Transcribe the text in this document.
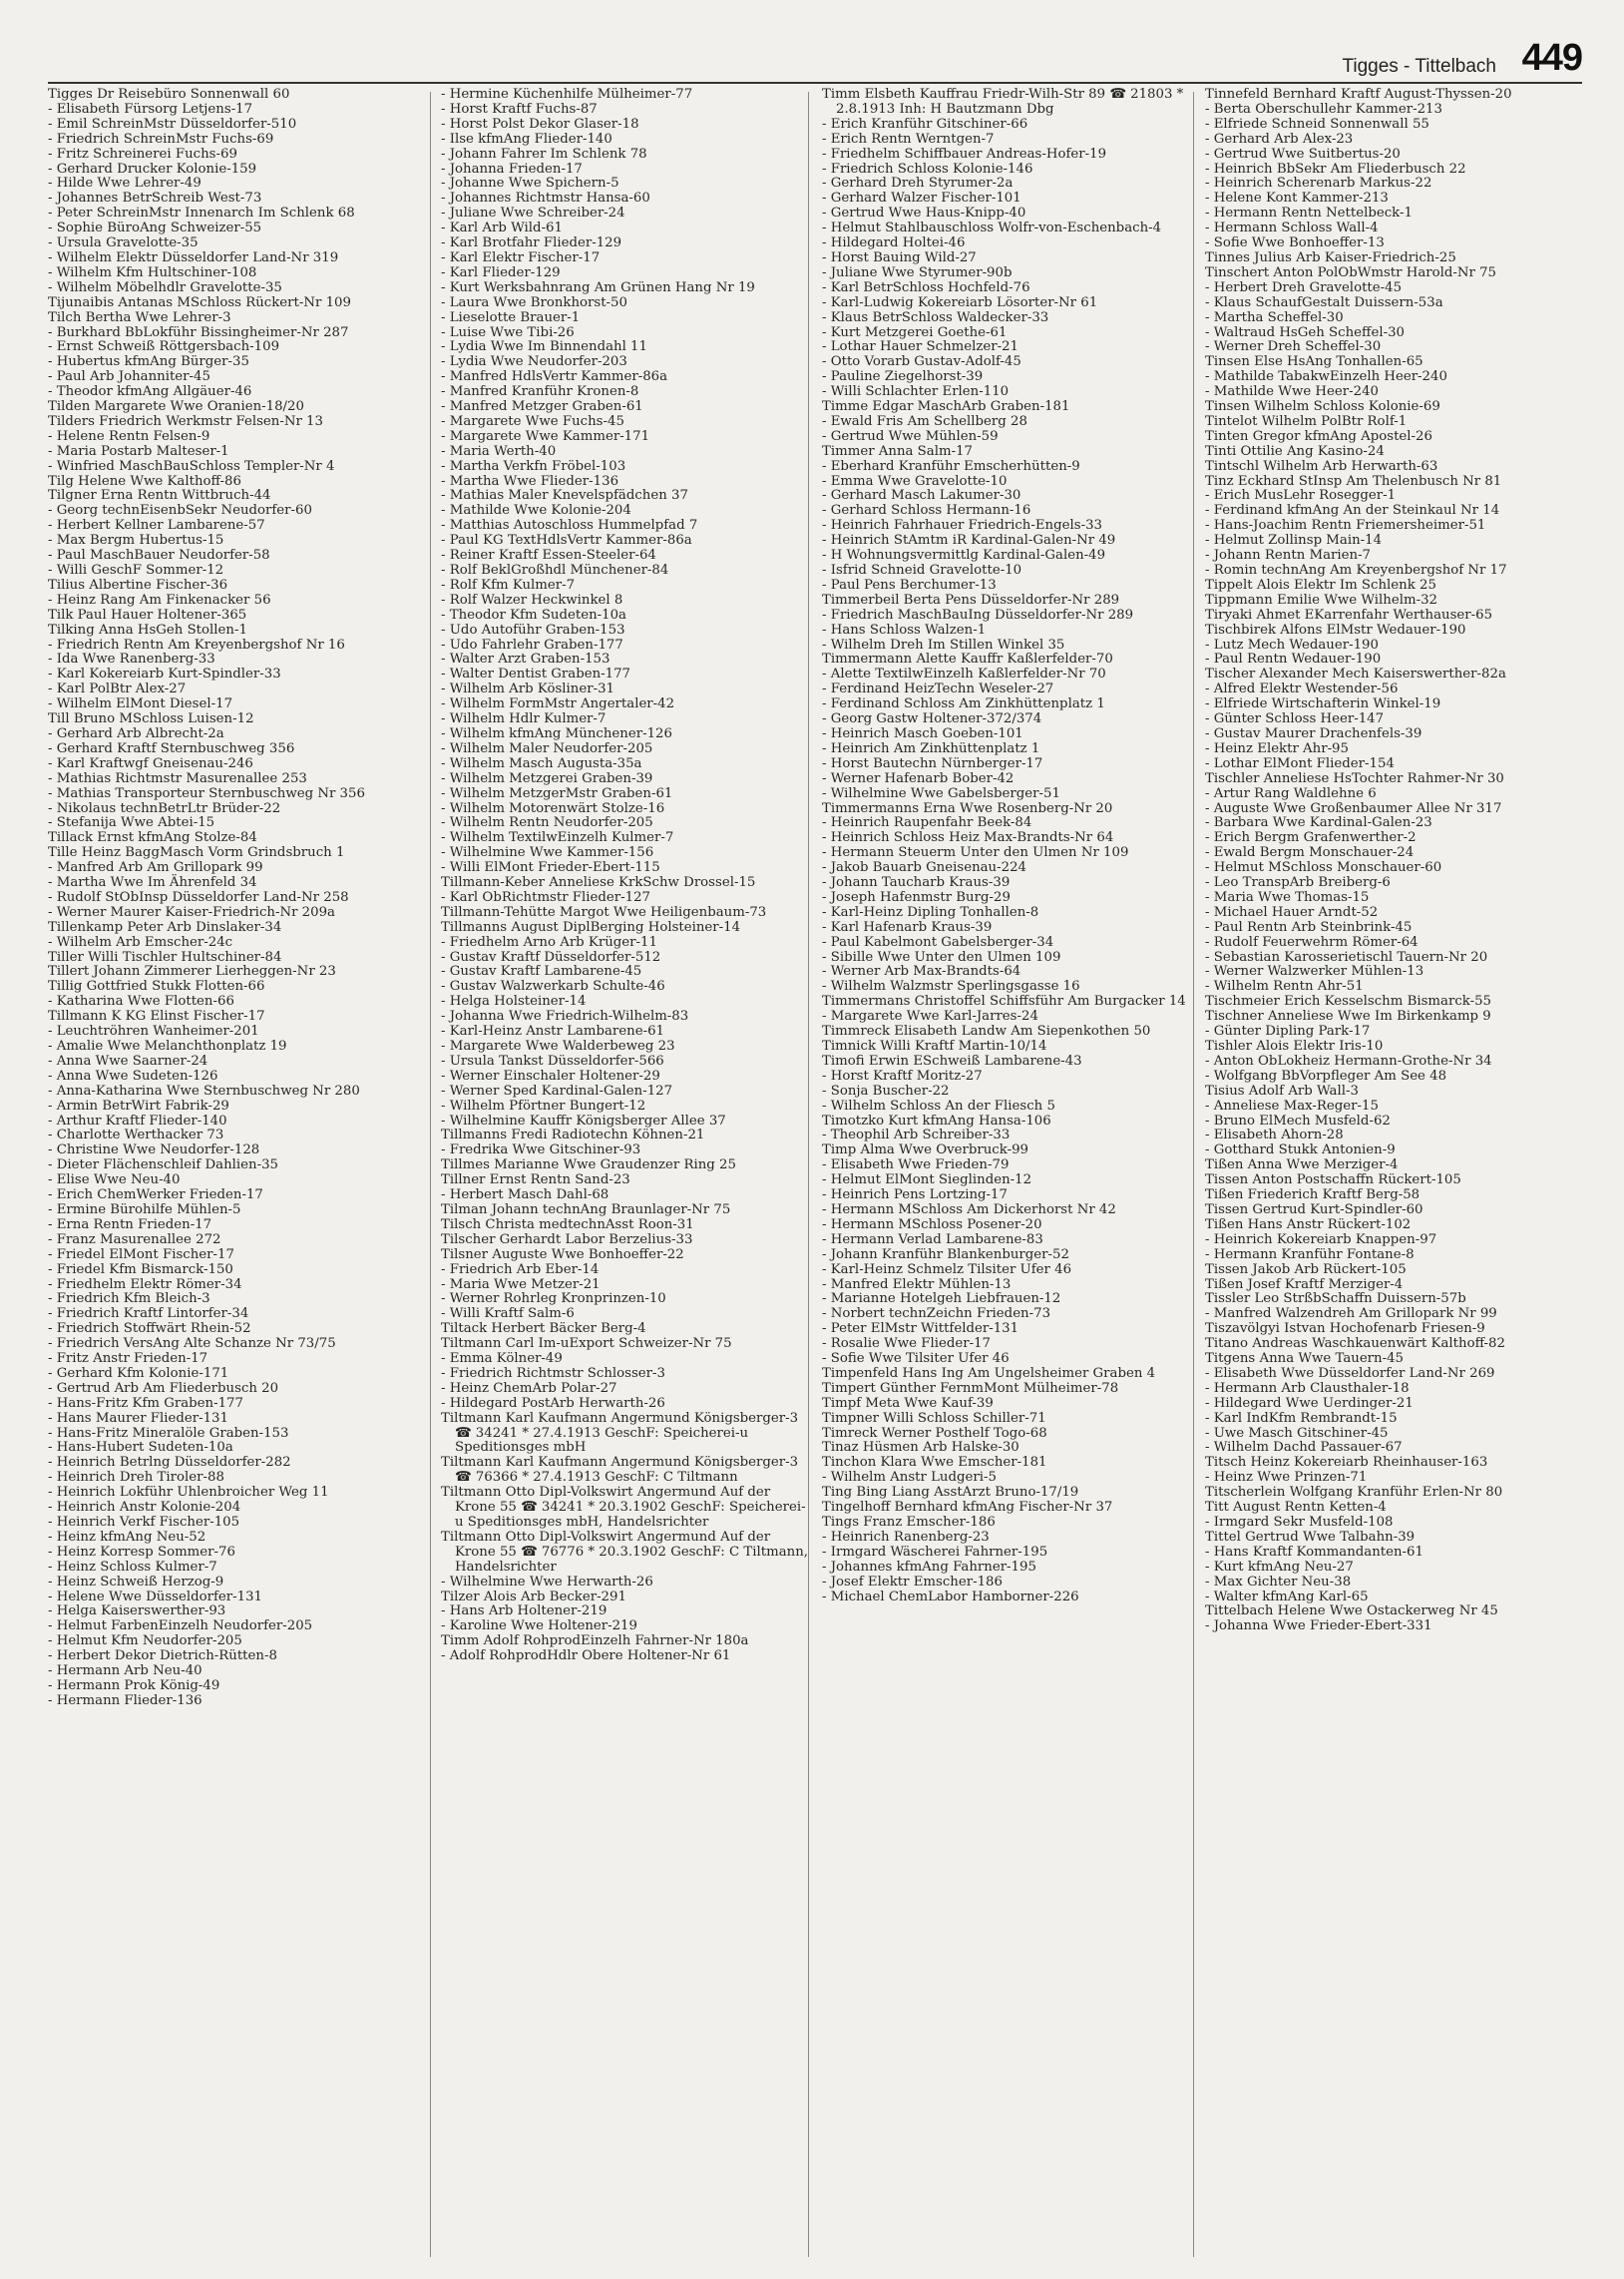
Tigges - Tittelbach 449
Tigges Dr Reisebüro Sonnenwall 60
- Elisabeth Fürsorg Letjens-17
- Emil SchreinMstr Düsseldorfer-510
- Friedrich SchreinMstr Fuchs-69
- Fritz Schreinerei Fuchs-69
- Gerhard Drucker Kolonie-159
- Hilde Wwe Lehrer-49
- Johannes BetrSchreib West-73
- Peter SchreinMstr Innenarch Im Schlenk 68
- Sophie BüroAng Schweizer-55
- Ursula Gravelotte-35
- Wilhelm Elektr Düsseldorfer Land-Nr 319
- Wilhelm Kfm Hultschiner-108
- Wilhelm Möbelhdlr Gravelotte-35
Tijunaibis Antanas MSchloss Rückert-Nr 109
Tilch Bertha Wwe Lehrer-3
- Burkhard BbLokführ Bissingheimer-Nr 287
- Ernst Schweiß Röttgersbach-109
- Hubertus kfmAng Bürger-35
- Paul Arb Johanniter-45
- Theodor kfmAng Allgäuer-46
Tilden Margarete Wwe Oranien-18/20
Tilders Friedrich Werkmstr Felsen-Nr 13
- Helene Rentn Felsen-9
- Maria Postarb Malteser-1
- Winfried MaschBauSchloss Templer-Nr 4
Tilg Helene Wwe Kalthoff-86
Tilgner Erna Rentn Wittbruch-44
- Georg technEisenbSekr Neudorfer-60
- Herbert Kellner Lambarene-57
- Max Bergm Hubertus-15
- Paul MaschBauer Neudorfer-58
- Willi GeschF Sommer-12
Tilius Albertine Fischer-36
- Heinz Rang Am Finkenacker 56
Tilk Paul Hauer Holtener-365
Tilking Anna HsGeh Stollen-1
- Friedrich Rentn Am Kreyenbergshof Nr 16
- Ida Wwe Ranenberg-33
- Karl Kokereiarb Kurt-Spindler-33
- Karl PolBtr Alex-27
- Wilhelm ElMont Diesel-17
Till Bruno MSchloss Luisen-12
- Gerhard Arb Albrecht-2a
- Gerhard Kraftf Sternbuschweg 356
- Karl Kraftwgf Gneisenau-246
- Mathias Richtmstr Masurenallee 253
- Mathias Transporteur Sternbuschweg Nr 356
- Nikolaus technBetrLtr Brüder-22
- Stefanija Wwe Abtei-15
Tillack Ernst kfmAng Stolze-84
Tille Heinz BaggMasch Vorm Grindsbruch 1
- Manfred Arb Am Grillopark 99
- Martha Wwe Im Ährenfeld 34
- Rudolf StObInsp Düsseldorfer Land-Nr 258
- Werner Maurer Kaiser-Friedrich-Nr 209a
Tillenkamp Peter Arb Dinslaker-34
- Wilhelm Arb Emscher-24c
Tiller Willi Tischler Hultschiner-84
Tillert Johann Zimmerer Lierheggen-Nr 23
Tillig Gottfried Stukk Flotten-66
- Katharina Wwe Flotten-66
Tillmann K KG Elinst Fischer-17
- Leuchtröhren Wanheimer-201
- Amalie Wwe Melanchthonplatz 19
- Anna Wwe Saarner-24
- Anna Wwe Sudeten-126
- Anna-Katharina Wwe Sternbuschweg Nr 280
- Armin BetrWirt Fabrik-29
- Arthur Kraftf Flieder-140
- Charlotte Werthacker 73
- Christine Wwe Neudorfer-128
- Dieter Flächenschleif Dahlien-35
- Elise Wwe Neu-40
- Erich ChemWerker Frieden-17
- Ermine Bürohilfe Mühlen-5
- Erna Rentn Frieden-17
- Franz Masurenallee 272
- Friedel ElMont Fischer-17
- Friedel Kfm Bismarck-150
- Friedhelm Elektr Römer-34
- Friedrich Kfm Bleich-3
- Friedrich Kraftf Lintorfer-34
- Friedrich Stoffwärt Rhein-52
- Friedrich VersAng Alte Schanze Nr 73/75
- Fritz Anstr Frieden-17
- Gerhard Kfm Kolonie-171
- Gertrud Arb Am Fliederbusch 20
- Hans-Fritz Kfm Graben-177
- Hans Maurer Flieder-131
- Hans-Fritz Mineralöle Graben-153
- Hans-Hubert Sudeten-10a
- Heinrich Betrlng Düsseldorfer-282
- Heinrich Dreh Tiroler-88
- Heinrich Lokführ Uhlenbroicher Weg 11
- Heinrich Anstr Kolonie-204
- Heinrich Verkf Fischer-105
- Heinz kfmAng Neu-52
- Heinz Korresp Sommer-76
- Heinz Schloss Kulmer-7
- Heinz Schweiß Herzog-9
- Helene Wwe Düsseldorfer-131
- Helga Kaiserswerther-93
- Helmut FarbenEinzelh Neudorfer-205
- Helmut Kfm Neudorfer-205
- Herbert Dekor Dietrich-Rütten-8
- Hermann Arb Neu-40
- Hermann Prok König-49
- Hermann Flieder-136
- Hermine Küchenhilfe Mülheimer-77
- Horst Kraftf Fuchs-87
- Horst Polst Dekor Glaser-18
- Ilse kfmAng Flieder-140
- Johann Fahrer Im Schlenk 78
- Johanna Frieden-17
- Johanne Wwe Spichern-5
- Johannes Richtmstr Hansa-60
- Juliane Wwe Schreiber-24
- Karl Arb Wild-61
- Karl Brotfahr Flieder-129
- Karl Elektr Fischer-17
- Karl Flieder-129
- Kurt Werksbahnrang Am Grünen Hang Nr 19
- Laura Wwe Bronkhorst-50
- Lieselotte Brauer-1
- Luise Wwe Tibi-26
- Lydia Wwe Im Binnendahl 11
- Lydia Wwe Neudorfer-203
- Manfred HdlsVertr Kammer-86a
- Manfred Kranführ Kronen-8
- Manfred Metzger Graben-61
- Margarete Wwe Fuchs-45
- Margarete Wwe Kammer-171
- Maria Werth-40
- Martha Verkfn Fröbel-103
- Martha Wwe Flieder-136
- Mathias Maler Knevelspfädchen 37
- Mathilde Wwe Kolonie-204
- Matthias Autoschloss Hummelpfad 7
- Paul KG TextHdlsVertr Kammer-86a
- Reiner Kraftf Essen-Steeler-64
- Rolf BeklGroßhdl Münchener-84
- Rolf Kfm Kulmer-7
- Rolf Walzer Heckwinkel 8
- Theodor Kfm Sudeten-10a
- Udo Autoführ Graben-153
- Udo Fahrlehr Graben-177
- Walter Arzt Graben-153
- Walter Dentist Graben-177
- Wilhelm Arb Kösliner-31
- Wilhelm FormMstr Angertaler-42
- Wilhelm Hdlr Kulmer-7
- Wilhelm kfmAng Münchener-126
- Wilhelm Maler Neudorfer-205
- Wilhelm Masch Augusta-35a
- Wilhelm Metzgerei Graben-39
- Wilhelm MetzgerMstr Graben-61
- Wilhelm Motorenwärt Stolze-16
- Wilhelm Rentn Neudorfer-205
- Wilhelm TextilwEinzelh Kulmer-7
- Wilhelmine Wwe Kammer-156
- Willi ElMont Frieder-Ebert-115
Tillmann-Keber Anneliese KrkSchw Drossel-15
- Karl ObRichtmstr Flieder-127
Tillmann-Tehütte Margot Wwe Heiligenbaum-73
Tillmanns August DiplBerging Holsteiner-14
- Friedhelm Arno Arb Krüger-11
- Gustav Kraftf Düsseldorfer-512
- Gustav Kraftf Lambarene-45
- Gustav Walzwerkarb Schulte-46
- Helga Holsteiner-14
- Johanna Wwe Friedrich-Wilhelm-83
- Karl-Heinz Anstr Lambarene-61
- Margarete Wwe Walderbeweg 23
- Ursula Tankst Düsseldorfer-566
- Werner Einschaler Holtener-29
- Werner Sped Kardinal-Galen-127
- Wilhelm Pförtner Bungert-12
- Wilhelmine Kauffr Königsberger Allee 37
Tillmanns Fredi Radiotechn Köhnen-21
- Fredrika Wwe Gitschiner-93
Tillmes Marianne Wwe Graudenzer Ring 25
Tillner Ernst Rentn Sand-23
- Herbert Masch Dahl-68
Tilman Johann technAng Braunlager-Nr 75
Tilsch Christa medtechnAsst Roon-31
Tilscher Gerhardt Labor Berzelius-33
Tilsner Auguste Wwe Bonhoeffer-22
- Friedrich Arb Eber-14
- Maria Wwe Metzer-21
- Werner Rohrleg Kronprinzen-10
- Willi Kraftf Salm-6
Tiltack Herbert Bäcker Berg-4
Tiltmann Carl Im-uExport Schweizer-Nr 75
- Emma Kölner-49
- Friedrich Richtmstr Schlosser-3
- Heinz ChemArb Polar-27
- Hildegard PostArb Herwarth-26
Tiltmann Karl Kaufmann Angermund Königsberger-3 ☎ 34241 * 27.4.1913 GeschF: Speicherei-u Speditionsges mbH
Tiltmann Karl Kaufmann Angermund Königsberger-3 ☎ 76366 * 27.4.1913 GeschF: C Tiltmann
Tiltmann Otto Dipl-Volkswirt Angermund Auf der Krone 55 ☎ 34241 * 20.3.1902 GeschF: Speicherei-u Speditionsges mbH, Handelsrichter
Tiltmann Otto Dipl-Volkswirt Angermund Auf der Krone 55 ☎ 76776 * 20.3.1902 GeschF: C Tiltmann, Handelsrichter
- Wilhelmine Wwe Herwarth-26
Tilzer Alois Arb Becker-291
- Hans Arb Holtener-219
- Karoline Wwe Holtener-219
Timm Adolf RohprodEinzelh Fahrner-Nr 180a
- Adolf RohprodHdlr Obere Holtener-Nr 61
Timm Elsbeth Kauffrau Friedr-Wilh-Str 89 ☎ 21803 * 2.8.1913 Inh: H Bautzmann Dbg
- Erich Kranführ Gitschiner-66
- Erich Rentn Werntgen-7
- Friedhelm Schiffbauer Andreas-Hofer-19
- Friedrich Schloss Kolonie-146
- Gerhard Dreh Styrumer-2a
- Gerhard Walzer Fischer-101
- Gertrud Wwe Haus-Knipp-40
- Helmut Stahlbauschloss Wolfr-von-Eschenbach-4
- Hildegard Holtei-46
- Horst Bauing Wild-27
- Juliane Wwe Styrumer-90b
- Karl BetrSchloss Hochfeld-76
- Karl-Ludwig Kokereiarb Lösorter-Nr 61
- Klaus BetrSchloss Waldecker-33
- Kurt Metzgerei Goethe-61
- Lothar Hauer Schmelzer-21
- Otto Vorarb Gustav-Adolf-45
- Pauline Ziegelhorst-39
- Willi Schlachter Erlen-110
Timme Edgar MaschArb Graben-181
- Ewald Fris Am Schellberg 28
- Gertrud Wwe Mühlen-59
Timmer Anna Salm-17
- Eberhard Kranführ Emscherhütten-9
- Emma Wwe Gravelotte-10
- Gerhard Masch Lakumer-30
- Gerhard Schloss Hermann-16
- Heinrich Fahrhauer Friedrich-Engels-33
- Heinrich StAmtm iR Kardinal-Galen-Nr 49
- H Wohnungsvermittlg Kardinal-Galen-49
- Isfrid Schneid Gravelotte-10
- Paul Pens Berchumer-13
Timmerbeil Berta Pens Düsseldorfer-Nr 289
- Friedrich MaschBauIng Düsseldorfer-Nr 289
- Hans Schloss Walzen-1
- Wilhelm Dreh Im Stillen Winkel 35
Timmermann Alette Kauffr Kaßlerfelder-70
- Alette TextilwEinzelh Kaßlerfelder-Nr 70
- Ferdinand HeizTechn Weseler-27
- Ferdinand Schloss Am Zinkhüttenplatz 1
- Georg Gastw Holtener-372/374
- Heinrich Masch Goeben-101
- Heinrich Am Zinkhüttenplatz 1
- Horst Bautechn Nürnberger-17
- Werner Hafenarb Bober-42
- Wilhelmine Wwe Gabelsberger-51
Timmermanns Erna Wwe Rosenberg-Nr 20
- Heinrich Raupenfahr Beek-84
- Heinrich Schloss Heiz Max-Brandts-Nr 64
- Hermann Steuerm Unter den Ulmen Nr 109
- Jakob Bauarb Gneisenau-224
- Johann Taucharb Kraus-39
- Joseph Hafenmstr Burg-29
- Karl-Heinz Dipling Tonhallen-8
- Karl Hafenarb Kraus-39
- Paul Kabelmont Gabelsberger-34
- Sibille Wwe Unter den Ulmen 109
- Werner Arb Max-Brandts-64
- Wilhelm Walzmstr Sperlingsgasse 16
Timmermans Christoffel Schiffsführ Am Burgacker 14
- Margarete Wwe Karl-Jarres-24
Timmreck Elisabeth Landw Am Siepenkothen 50
Timnick Willi Kraftf Martin-10/14
Timofi Erwin ESchweiß Lambarene-43
- Horst Kraftf Moritz-27
- Sonja Buscher-22
- Wilhelm Schloss An der Fliesch 5
Timotzko Kurt kfmAng Hansa-106
- Theophil Arb Schreiber-33
Timp Alma Wwe Overbruck-99
- Elisabeth Wwe Frieden-79
- Helmut ElMont Sieglinden-12
- Heinrich Pens Lortzing-17
- Hermann MSchloss Am Dickerhorst Nr 42
- Hermann MSchloss Posener-20
- Hermann Verlad Lambarene-83
- Johann Kranführ Blankenburger-52
- Karl-Heinz Schmelz Tilsiter Ufer 46
- Manfred Elektr Mühlen-13
- Marianne Hotelgeh Liebfrauen-12
- Norbert technZeichn Frieden-73
- Peter ElMstr Wittfelder-131
- Rosalie Wwe Flieder-17
- Sofie Wwe Tilsiter Ufer 46
Timpenfeld Hans Ing Am Ungelsheimer Graben 4
Timpert Günther FernmMont Mülheimer-78
Timpf Meta Wwe Kauf-39
Timpner Willi Schloss Schiller-71
Timreck Werner Posthelf Togo-68
Tinaz Hüsmen Arb Halske-30
Tinchon Klara Wwe Emscher-181
- Wilhelm Anstr Ludgeri-5
Ting Bing Liang AsstArzt Bruno-17/19
Tingelhoff Bernhard kfmAng Fischer-Nr 37
Tings Franz Emscher-186
- Heinrich Ranenberg-23
- Irmgard Wäscherei Fahrner-195
- Johannes kfmAng Fahrner-195
- Josef Elektr Emscher-186
- Michael ChemLabor Hamborner-226
Tinnefeld Bernhard Kraftf August-Thyssen-20
- Berta Oberschullehr Kammer-213
- Elfriede Schneid Sonnenwall 55
- Gerhard Arb Alex-23
- Gertrud Wwe Suitbertus-20
- Heinrich BbSekr Am Fliederbusch 22
- Heinrich Scherenarb Markus-22
- Helene Kont Kammer-213
- Hermann Rentn Nettelbeck-1
- Hermann Schloss Wall-4
- Sofie Wwe Bonhoeffer-13
Tinnes Julius Arb Kaiser-Friedrich-25
Tinschert Anton PolObWmstr Harold-Nr 75
- Herbert Dreh Gravelotte-45
- Klaus SchaufGestalt Duissern-53a
- Martha Scheffel-30
- Waltraud HsGeh Scheffel-30
- Werner Dreh Scheffel-30
Tinsen Else HsAng Tonhallen-65
- Mathilde TabakwEinzelh Heer-240
- Mathilde Wwe Heer-240
Tinsen Wilhelm Schloss Kolonie-69
Tintelot Wilhelm PolBtr Rolf-1
Tinten Gregor kfmAng Apostel-26
Tinti Ottilie Ang Kasino-24
Tintschl Wilhelm Arb Herwarth-63
Tinz Eckhard StInsp Am Thelenbusch Nr 81
- Erich MusLehr Rosegger-1
- Ferdinand kfmAng An der Steinkaul Nr 14
- Hans-Joachim Rentn Friemersheimer-51
- Helmut Zollinsp Main-14
- Johann Rentn Marien-7
- Romin technAng Am Kreyenbergshof Nr 17
Tippelt Alois Elektr Im Schlenk 25
Tippmann Emilie Wwe Wilhelm-32
Tiryaki Ahmet EKarrenfahr Werthauser-65
Tischbirek Alfons ElMstr Wedauer-190
- Lutz Mech Wedauer-190
- Paul Rentn Wedauer-190
Tischer Alexander Mech Kaiserswerther-82a
- Alfred Elektr Westender-56
- Elfriede Wirtschafterin Winkel-19
- Günter Schloss Heer-147
- Gustav Maurer Drachenfels-39
- Heinz Elektr Ahr-95
- Lothar ElMont Flieder-154
Tischler Anneliese HsTochter Rahmer-Nr 30
- Artur Rang Waldlehne 6
- Auguste Wwe Großenbaumer Allee Nr 317
- Barbara Wwe Kardinal-Galen-23
- Erich Bergm Grafenwerther-2
- Ewald Bergm Monschauer-24
- Helmut MSchloss Monschauer-60
- Leo TranspArb Breiberg-6
- Maria Wwe Thomas-15
- Michael Hauer Arndt-52
- Paul Rentn Arb Steinbrink-45
- Rudolf Feuerwehrm Römer-64
- Sebastian Karosserietischl Tauern-Nr 20
- Werner Walzwerker Mühlen-13
- Wilhelm Rentn Ahr-51
Tischmeier Erich Kesselschm Bismarck-55
Tischner Anneliese Wwe Im Birkenkamp 9
- Günter Dipling Park-17
Tishler Alois Elektr Iris-10
- Anton ObLokheiz Hermann-Grothe-Nr 34
- Wolfgang BbVorpfleger Am See 48
Tisius Adolf Arb Wall-3
- Anneliese Max-Reger-15
- Bruno ElMech Musfeld-62
- Elisabeth Ahorn-28
- Gotthard Stukk Antonien-9
Tißen Anna Wwe Merziger-4
Tissen Anton Postschaffn Rückert-105
Tißen Friederich Kraftf Berg-58
Tissen Gertrud Kurt-Spindler-60
Tißen Hans Anstr Rückert-102
- Heinrich Kokereiarb Knappen-97
- Hermann Kranführ Fontane-8
Tissen Jakob Arb Rückert-105
Tißen Josef Kraftf Merziger-4
Tissler Leo StrßbSchaffn Duissern-57b
- Manfred Walzendreh Am Grillopark Nr 99
Tiszavölgyi Istvan Hochofenarb Friesen-9
Titano Andreas Waschkauenwärt Kalthoff-82
Titgens Anna Wwe Tauern-45
- Elisabeth Wwe Düsseldorfer Land-Nr 269
- Hermann Arb Clausthaler-18
- Hildegard Wwe Uerdinger-21
- Karl IndKfm Rembrandt-15
- Uwe Masch Gitschiner-45
- Wilhelm Dachd Passauer-67
Titsch Heinz Kokereiarb Rheinhauser-163
- Heinz Wwe Prinzen-71
Titscherlein Wolfgang Kranführ Erlen-Nr 80
Titt August Rentn Ketten-4
- Irmgard Sekr Musfeld-108
Tittel Gertrud Wwe Talbahn-39
- Hans Kraftf Kommandanten-61
- Kurt kfmAng Neu-27
- Max Gichter Neu-38
- Walter kfmAng Karl-65
Tittelbach Helene Wwe Ostackerweg Nr 45
- Johanna Wwe Frieder-Ebert-331
